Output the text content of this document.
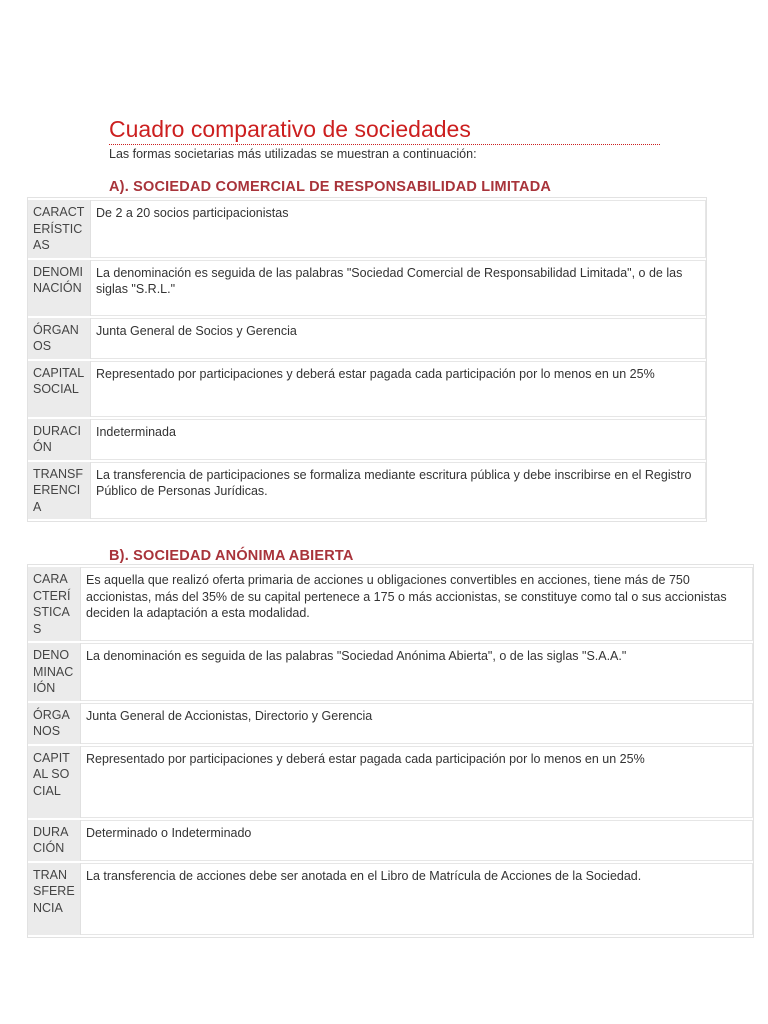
Cuadro comparativo de sociedades

Las formas societarias más utilizadas se muestran a continuación:

A). SOCIEDAD COMERCIAL DE RESPONSABILIDAD LIMITADA
CARACTERÍSTICAS	De 2 a 20 socios participacionistas
DENOMINACIÓN	La denominación es seguida de las palabras "Sociedad Comercial de Responsabilidad Limitada", o de las siglas "S.R.L."
ÓRGANOS	Junta General de Socios y Gerencia
CAPITAL SOCIAL	Representado por participaciones y deberá estar pagada cada participación por lo menos en un 25%
DURACIÓN	Indeterminada
TRANSFERENCIA	La transferencia de participaciones se formaliza mediante escritura pública y debe inscribirse en el Registro Público de Personas Jurídicas.
B). SOCIEDAD ANÓNIMA ABIERTA
CARACTERÍSTICAS	Es aquella que realizó oferta primaria de acciones u obligaciones convertibles en acciones, tiene más de 750 accionistas, más del 35% de su capital pertenece a 175 o más accionistas, se constituye como tal o sus accionistas deciden la adaptación a esta modalidad.
DENOMINACIÓN	La denominación es seguida de las palabras "Sociedad Anónima Abierta", o de las siglas "S.A.A."
ÓRGANOS	Junta General de Accionistas, Directorio y Gerencia
CAPITAL SOCIAL	Representado por participaciones y deberá estar pagada cada participación por lo menos en un 25%
DURACIÓN	Determinado o Indeterminado
TRANSFERENCIA	La transferencia de acciones debe ser anotada en el Libro de Matrícula de Acciones de la Sociedad.
